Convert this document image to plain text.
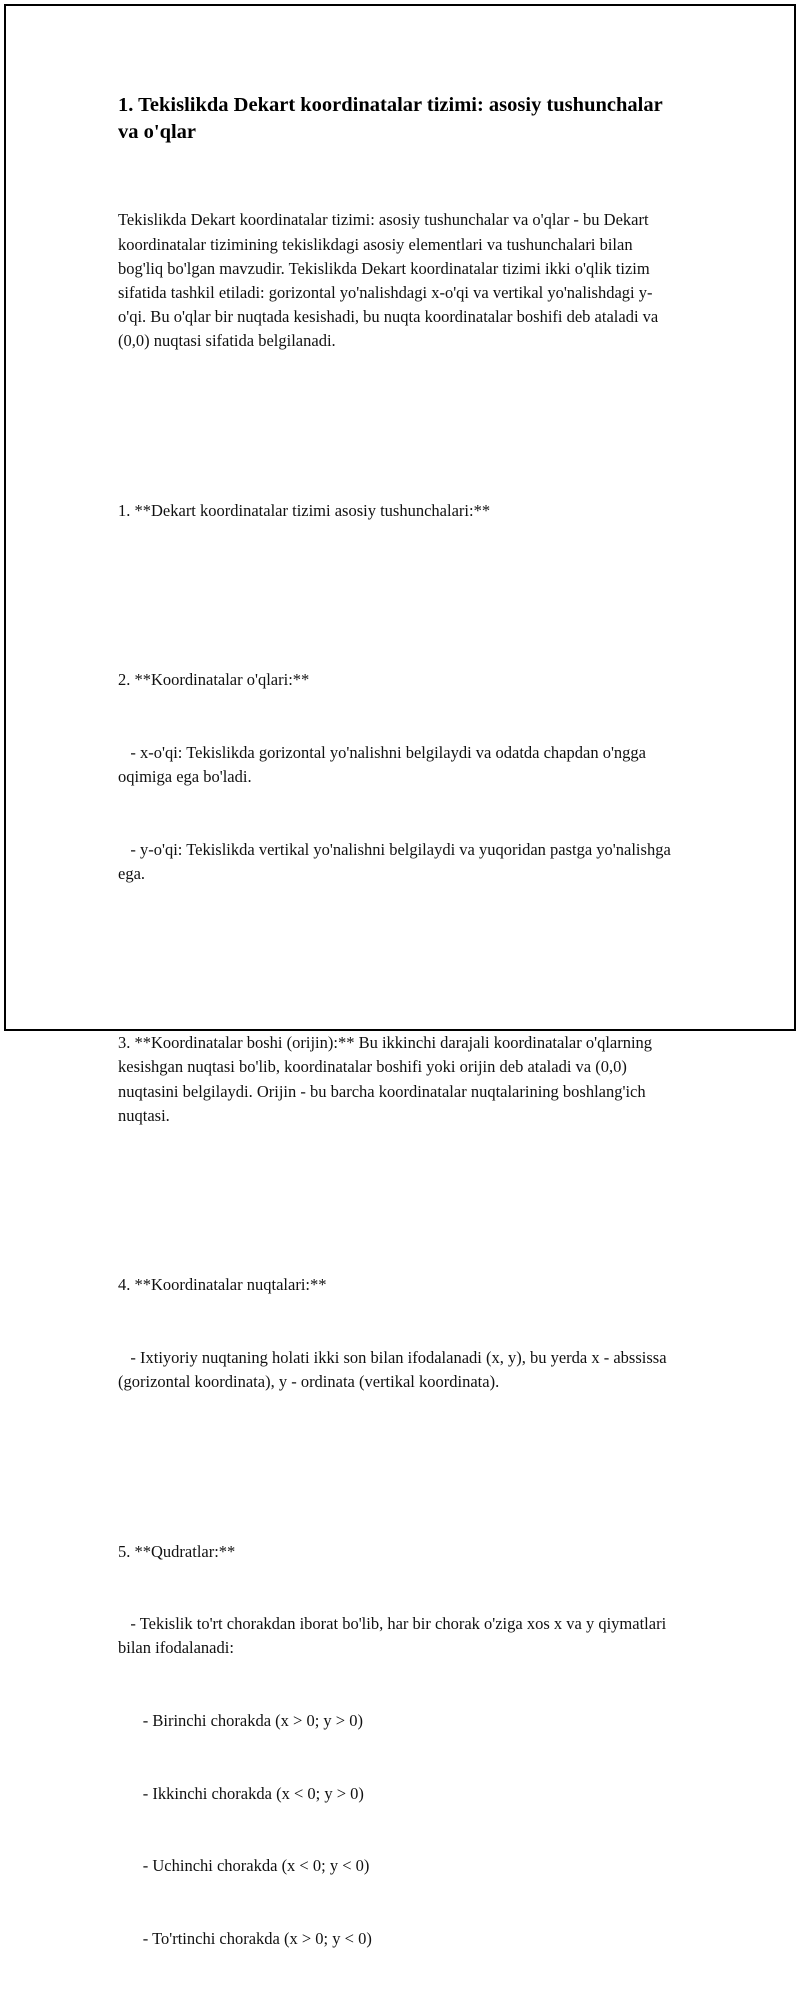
1. Tekislikda Dekart koordinatalar tizimi: asosiy tushunchalar va o'qlar

Tekislikda Dekart koordinatalar tizimi: asosiy tushunchalar va o'qlar - bu Dekart koordinatalar tizimining tekislikdagi asosiy elementlari va tushunchalari bilan bog'liq bo'lgan mavzudir. Tekislikda Dekart koordinatalar tizimi ikki o'qlik tizim sifatida tashkil etiladi: gorizontal yo'nalishdagi x-o'qi va vertikal yo'nalishdagi y-o'qi. Bu o'qlar bir nuqtada kesishadi, bu nuqta koordinatalar boshifi deb ataladi va (0,0) nuqtasi sifatida belgilanadi.

1. **Dekart koordinatalar tizimi asosiy tushunchalari:**

2. **Koordinatalar o'qlari:**

- x-o'qi: Tekislikda gorizontal yo'nalishni belgilaydi va odatda chapdan o'ngga oqimiga ega bo'ladi.

- y-o'qi: Tekislikda vertikal yo'nalishni belgilaydi va yuqoridan pastga yo'nalishga ega.

3. **Koordinatalar boshi (orijin):** Bu ikkinchi darajali koordinatalar o'qlarning kesishgan nuqtasi bo'lib, koordinatalar boshifi yoki orijin deb ataladi va (0,0) nuqtasini belgilaydi. Orijin - bu barcha koordinatalar nuqtalarining boshlang'ich nuqtasi.

4. **Koordinatalar nuqtalari:**

- Ixtiyoriy nuqtaning holati ikki son bilan ifodalanadi (x, y), bu yerda x - abssissa (gorizontal koordinata), y - ordinata (vertikal koordinata).

5. **Qudratlar:**

- Tekislik to'rt chorakdan iborat bo'lib, har bir chorak o'ziga xos x va y qiymatlari bilan ifodalanadi:

- Birinchi chorakda (x > 0; y > 0)

- Ikkinchi chorakda (x < 0; y > 0)

- Uchinchi chorakda (x < 0; y < 0)

- To'rtinchi chorakda (x > 0; y < 0)
